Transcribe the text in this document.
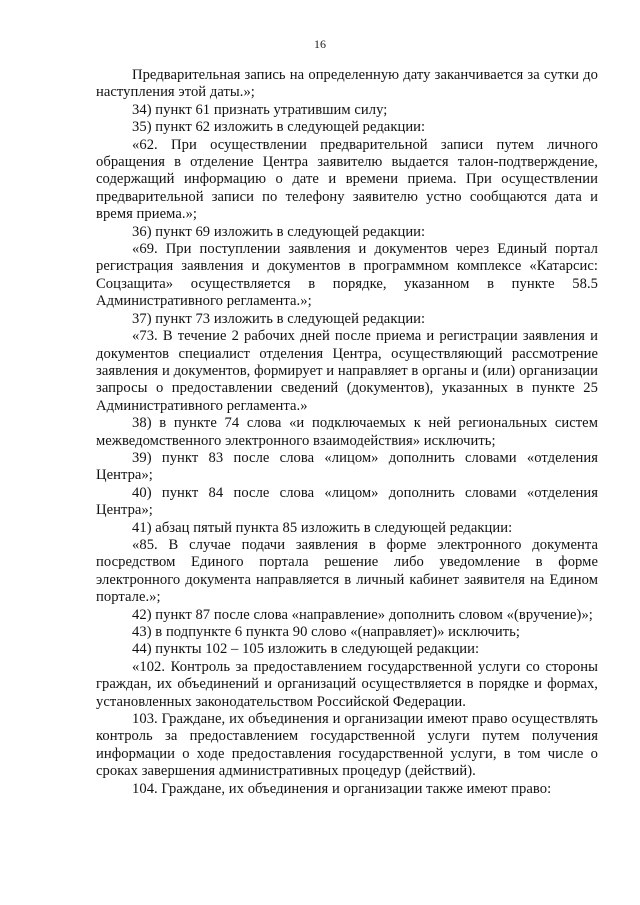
16

Предварительная запись на определенную дату заканчивается за сутки до наступления этой даты.»;

34) пункт 61 признать утратившим силу;

35) пункт 62 изложить в следующей редакции:

«62. При осуществлении предварительной записи путем личного обращения в отделение Центра заявителю выдается талон-подтверждение, содержащий информацию о дате и времени приема. При осуществлении предварительной записи по телефону заявителю устно сообщаются дата и время приема.»;

36) пункт 69 изложить в следующей редакции:

«69. При поступлении заявления и документов через Единый портал регистрация заявления и документов в программном комплексе «Катарсис: Соцзащита» осуществляется в порядке, указанном в пункте 58.5 Административного регламента.»;

37) пункт 73 изложить в следующей редакции:

«73. В течение 2 рабочих дней после приема и регистрации заявления и документов специалист отделения Центра, осуществляющий рассмотрение заявления и документов, формирует и направляет в органы и (или) организации запросы о предоставлении сведений (документов), указанных в пункте 25 Административного регламента.»

38) в пункте 74 слова «и подключаемых к ней региональных систем межведомственного электронного взаимодействия» исключить;

39) пункт 83 после слова «лицом» дополнить словами «отделения Центра»;

40) пункт 84 после слова «лицом» дополнить словами «отделения Центра»;

41) абзац пятый пункта 85 изложить в следующей редакции:

«85. В случае подачи заявления в форме электронного документа посредством Единого портала решение либо уведомление в форме электронного документа направляется в личный кабинет заявителя на Едином портале.»;

42) пункт 87 после слова «направление» дополнить словом «(вручение)»;

43) в подпункте 6 пункта 90 слово «(направляет)» исключить;

44) пункты 102 – 105 изложить в следующей редакции:

«102. Контроль за предоставлением государственной услуги со стороны граждан, их объединений и организаций осуществляется в порядке и формах, установленных законодательством Российской Федерации.

103. Граждане, их объединения и организации имеют право осуществлять контроль за предоставлением государственной услуги путем получения информации о ходе предоставления государственной услуги, в том числе о сроках завершения административных процедур (действий).

104. Граждане, их объединения и организации также имеют право:
